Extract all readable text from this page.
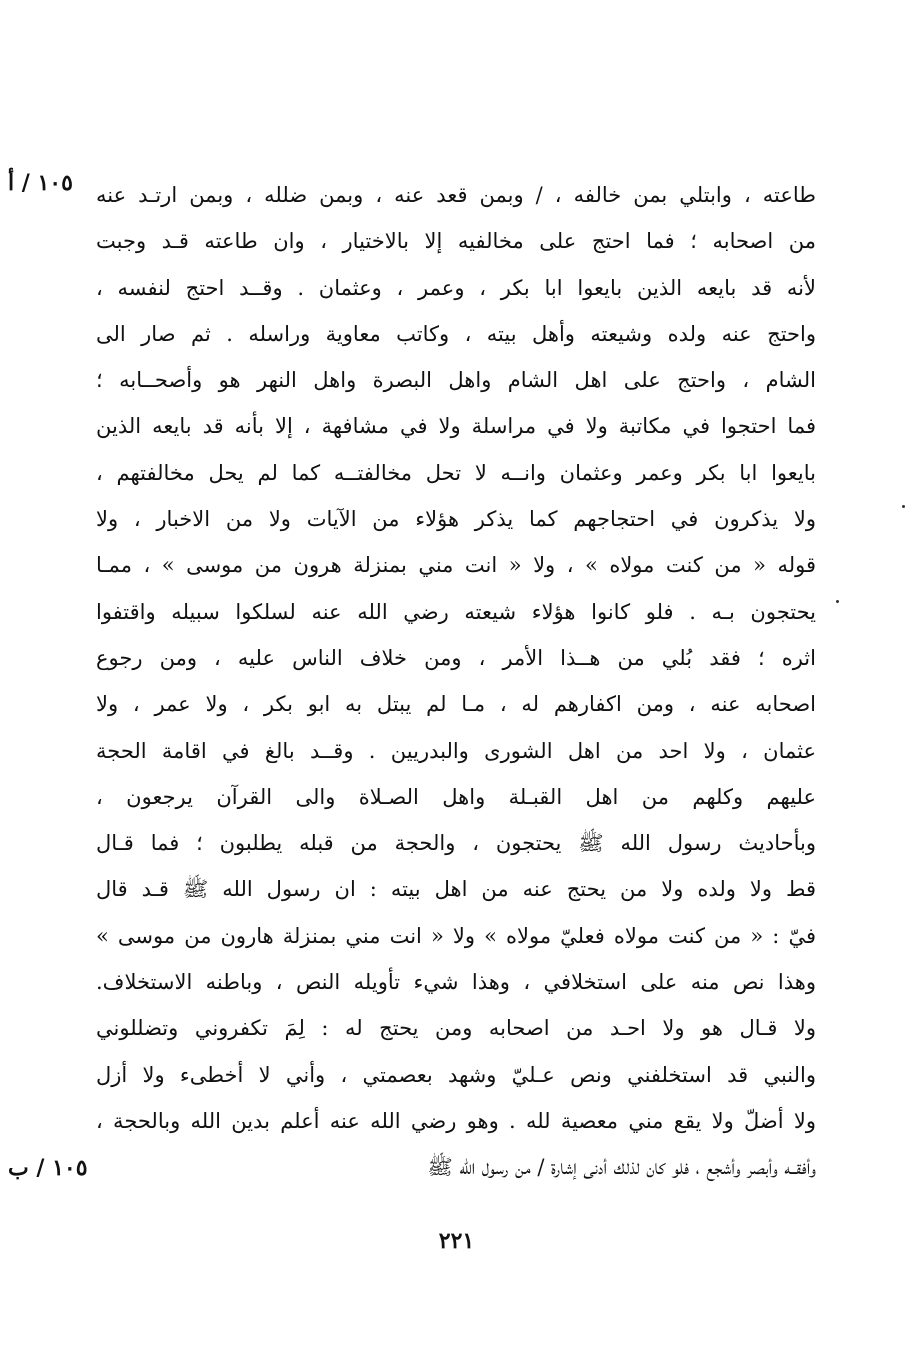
١٠٥ / أ طاعته ، وابتلي بمن خالفه ، / وبمن قعد عنه ، وبمن ضلله ، وبمن ارتـد عنه
من اصحابه ؛ فما احتج على مخالفيه إلا بالاختيار ، وان طاعته قـد وجبت
لأنه قد بايعه الذين بايعوا ابا بكر ، وعمر ، وعثمان . وقــد احتج لنفسه ،
واحتج عنه ولده وشيعته وأهل بيته ، وكاتب معاوية وراسله . ثم صار الى
الشام ، واحتج على اهل الشام واهل البصرة واهل النهر هو وأصحــابه ؛
فما احتجوا في مكاتبة ولا في مراسلة ولا في مشافهة ، إلا بأنه قد بايعه الذين
بايعوا ابا بكر وعمر وعثمان وانــه لا تحل مخالفتــه كما لم يحل مخالفتهم ،
ولا يذكرون في احتجاجهم كما يذكر هؤلاء من الآيات ولا من الاخبار ، ولا
قوله « من كنت مولاه » ، ولا « انت مني بمنزلة هرون من موسى » ، ممـا
يحتجون بـه . فلو كانوا هؤلاء شيعته رضي الله عنه لسلكوا سبيله واقتفوا
اثره ؛ فقد بُلي من هــذا الأمر ، ومن خلاف الناس عليه ، ومن رجوع
اصحابه عنه ، ومن اكفارهم له ، مـا لم يبتل به ابو بكر ، ولا عمر ، ولا
عثمان ، ولا احد من اهل الشورى والبدريين . وقــد بالغ في اقامة الحجة
عليهم وكلهم من اهل القبـلة واهل الصـلاة والى القرآن يرجعون ،
وبأحاديث رسول الله ﷺ يحتجون ، والحجة من قبله يطلبون ؛ فما قـال
قط ولا ولده ولا من يحتج عنه من اهل بيته : ان رسول الله ﷺ قـد قال
فيّ : « من كنت مولاه فعليّ مولاه » ولا « انت مني بمنزلة هارون من موسى »
وهذا نص منه على استخلافي ، وهذا شيء تأويله النص ، وباطنه الاستخلاف.
ولا قـال هو ولا احـد من اصحابه ومن يحتج له : لِمَ تكفروني وتضللوني
والنبي قد استخلفني ونص عـليّ وشهد بعصمتي ، وأني لا أخطىء ولا أزل
ولا أضلّ ولا يقع مني معصية لله . وهو رضي الله عنه أعلم بدين الله وبالحجة ،
وأفقــه وأبصر وأشجع ، فلو كان لذلك أدنى إشارة / من رسول الله ﷺ
١٠٥ / ب
٢٢١
